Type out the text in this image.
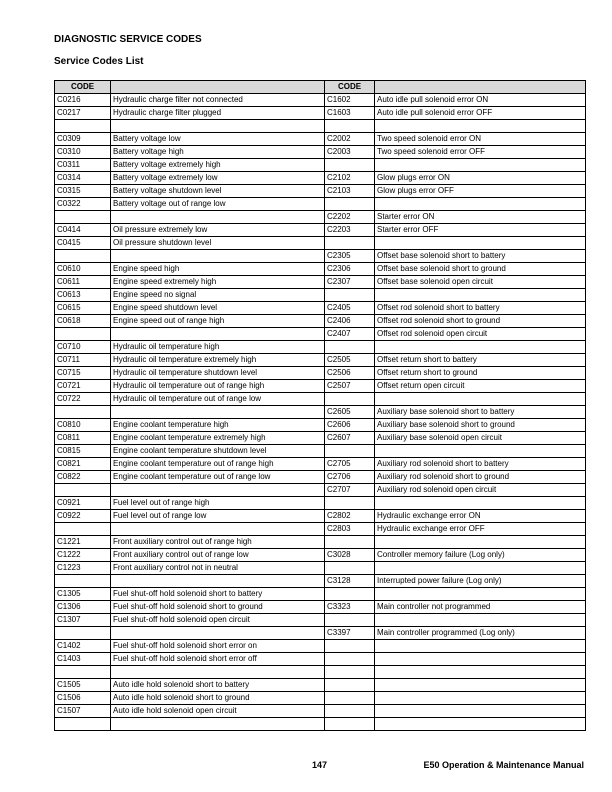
DIAGNOSTIC SERVICE CODES
Service Codes List
CODE		CODE	
C0216	Hydraulic charge filter not connected	C1602	Auto idle pull solenoid error ON
C0217	Hydraulic charge filter plugged	C1603	Auto idle pull solenoid error OFF

C0309	Battery voltage low	C2002	Two speed solenoid error ON
C0310	Battery voltage high	C2003	Two speed solenoid error OFF
C0311	Battery voltage extremely high		
C0314	Battery voltage extremely low	C2102	Glow plugs error ON
C0315	Battery voltage shutdown level	C2103	Glow plugs error OFF
C0322	Battery voltage out of range low		
		C2202	Starter error ON
C0414	Oil pressure extremely low	C2203	Starter error OFF
C0415	Oil pressure shutdown level		
		C2305	Offset base solenoid short to battery
C0610	Engine speed high	C2306	Offset base solenoid short to ground
C0611	Engine speed extremely high	C2307	Offset base solenoid open circuit
C0613	Engine speed no signal		
C0615	Engine speed shutdown level	C2405	Offset rod solenoid short to battery
C0618	Engine speed out of range high	C2406	Offset rod solenoid short to ground
		C2407	Offset rod solenoid open circuit
C0710	Hydraulic oil temperature high		
C0711	Hydraulic oil temperature extremely high	C2505	Offset return short to battery
C0715	Hydraulic oil temperature shutdown level	C2506	Offset return short to ground
C0721	Hydraulic oil temperature out of range high	C2507	Offset return open circuit
C0722	Hydraulic oil temperature out of range low		
		C2605	Auxiliary base solenoid short to battery
C0810	Engine coolant temperature high	C2606	Auxiliary base solenoid short to ground
C0811	Engine coolant temperature extremely high	C2607	Auxiliary base solenoid open circuit
C0815	Engine coolant temperature shutdown level		
C0821	Engine coolant temperature out of range high	C2705	Auxiliary rod solenoid short to battery
C0822	Engine coolant temperature out of range low	C2706	Auxiliary rod solenoid short to ground
		C2707	Auxiliary rod solenoid open circuit
C0921	Fuel level out of range high		
C0922	Fuel level out of range low	C2802	Hydraulic exchange error ON
		C2803	Hydraulic exchange error OFF
C1221	Front auxiliary control out of range high		
C1222	Front auxiliary control out of range low	C3028	Controller memory failure (Log only)
C1223	Front auxiliary control not in neutral		
		C3128	Interrupted power failure (Log only)
C1305	Fuel shut-off hold solenoid short to battery		
C1306	Fuel shut-off hold solenoid short to ground	C3323	Main controller not programmed
C1307	Fuel shut-off hold solenoid open circuit		
		C3397	Main controller programmed (Log only)
C1402	Fuel shut-off hold solenoid short error on		
C1403	Fuel shut-off hold solenoid short error off		

C1505	Auto idle hold solenoid short to battery		
C1506	Auto idle hold solenoid short to ground		
C1507	Auto idle hold solenoid open circuit		

147	E50 Operation & Maintenance Manual
